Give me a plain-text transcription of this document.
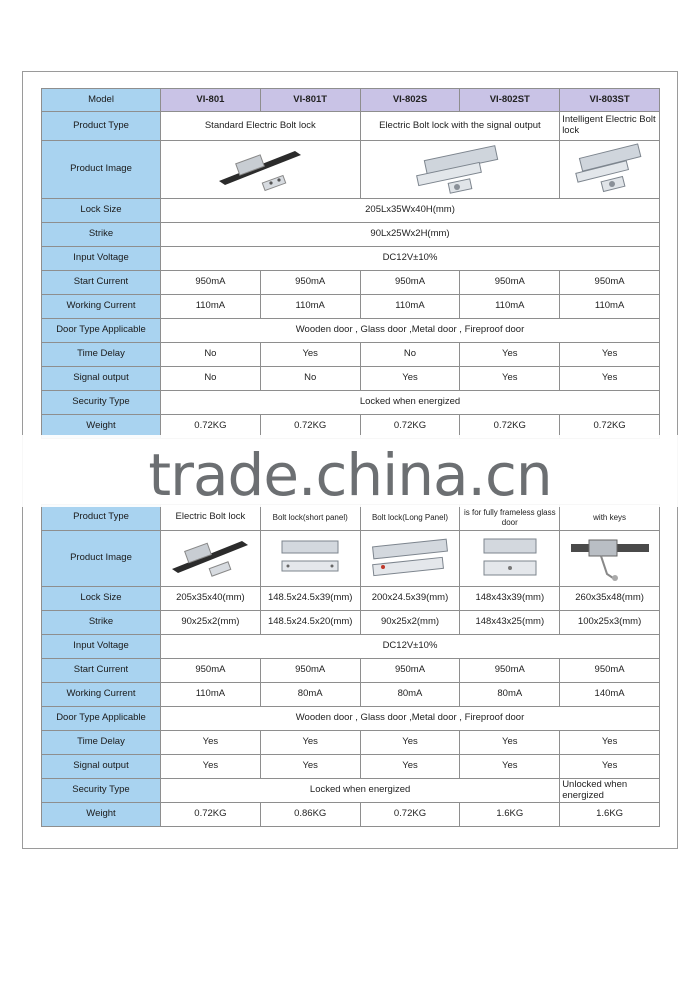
Model	VI-801	VI-801T	VI-802S	VI-802ST	VI-803ST
Product Type	Standard Electric Bolt lock		Electric Bolt lock with the signal output		Intelligent Electric Bolt lock
Product Image	

Lock Size	205Lx35Wx40H(mm)				
Strike	90Lx25Wx2H(mm)				
Input Voltage	DC12V±10%				
Start Current	950mA	950mA	950mA	950mA	950mA
Working Current	110mA	110mA	110mA	110mA	110mA
Door Type Applicable	Wooden door , Glass door ,Metal door , Fireproof door				
Time Delay	No	Yes	No	Yes	Yes
Signal output	No	No	Yes	Yes	Yes
Security Type	Locked when energized				
Weight	0.72KG	0.72KG	0.72KG	0.72KG	0.72KG
Product Type	Electric Bolt lock	Bolt lock(short panel)	Bolt lock(Long Panel)	is for fully frameless glass door	with keys
Product Image	

Lock Size	205x35x40(mm)	148.5x24.5x39(mm)	200x24.5x39(mm)	148x43x39(mm)	260x35x48(mm)
Strike	90x25x2(mm)	148.5x24.5x20(mm)	90x25x2(mm)	148x43x25(mm)	100x25x3(mm)
Input Voltage	DC12V±10%				
Start Current	950mA	950mA	950mA	950mA	950mA
Working Current	110mA	80mA	80mA	80mA	140mA
Door Type Applicable	Wooden door , Glass door ,Metal door , Fireproof door				
Time Delay	Yes	Yes	Yes	Yes	Yes
Signal output	Yes	Yes	Yes	Yes	Yes
Security Type	Locked when energized				Unlocked when energized
Weight	0.72KG	0.86KG	0.72KG	1.6KG	1.6KG
trade.china.cn
